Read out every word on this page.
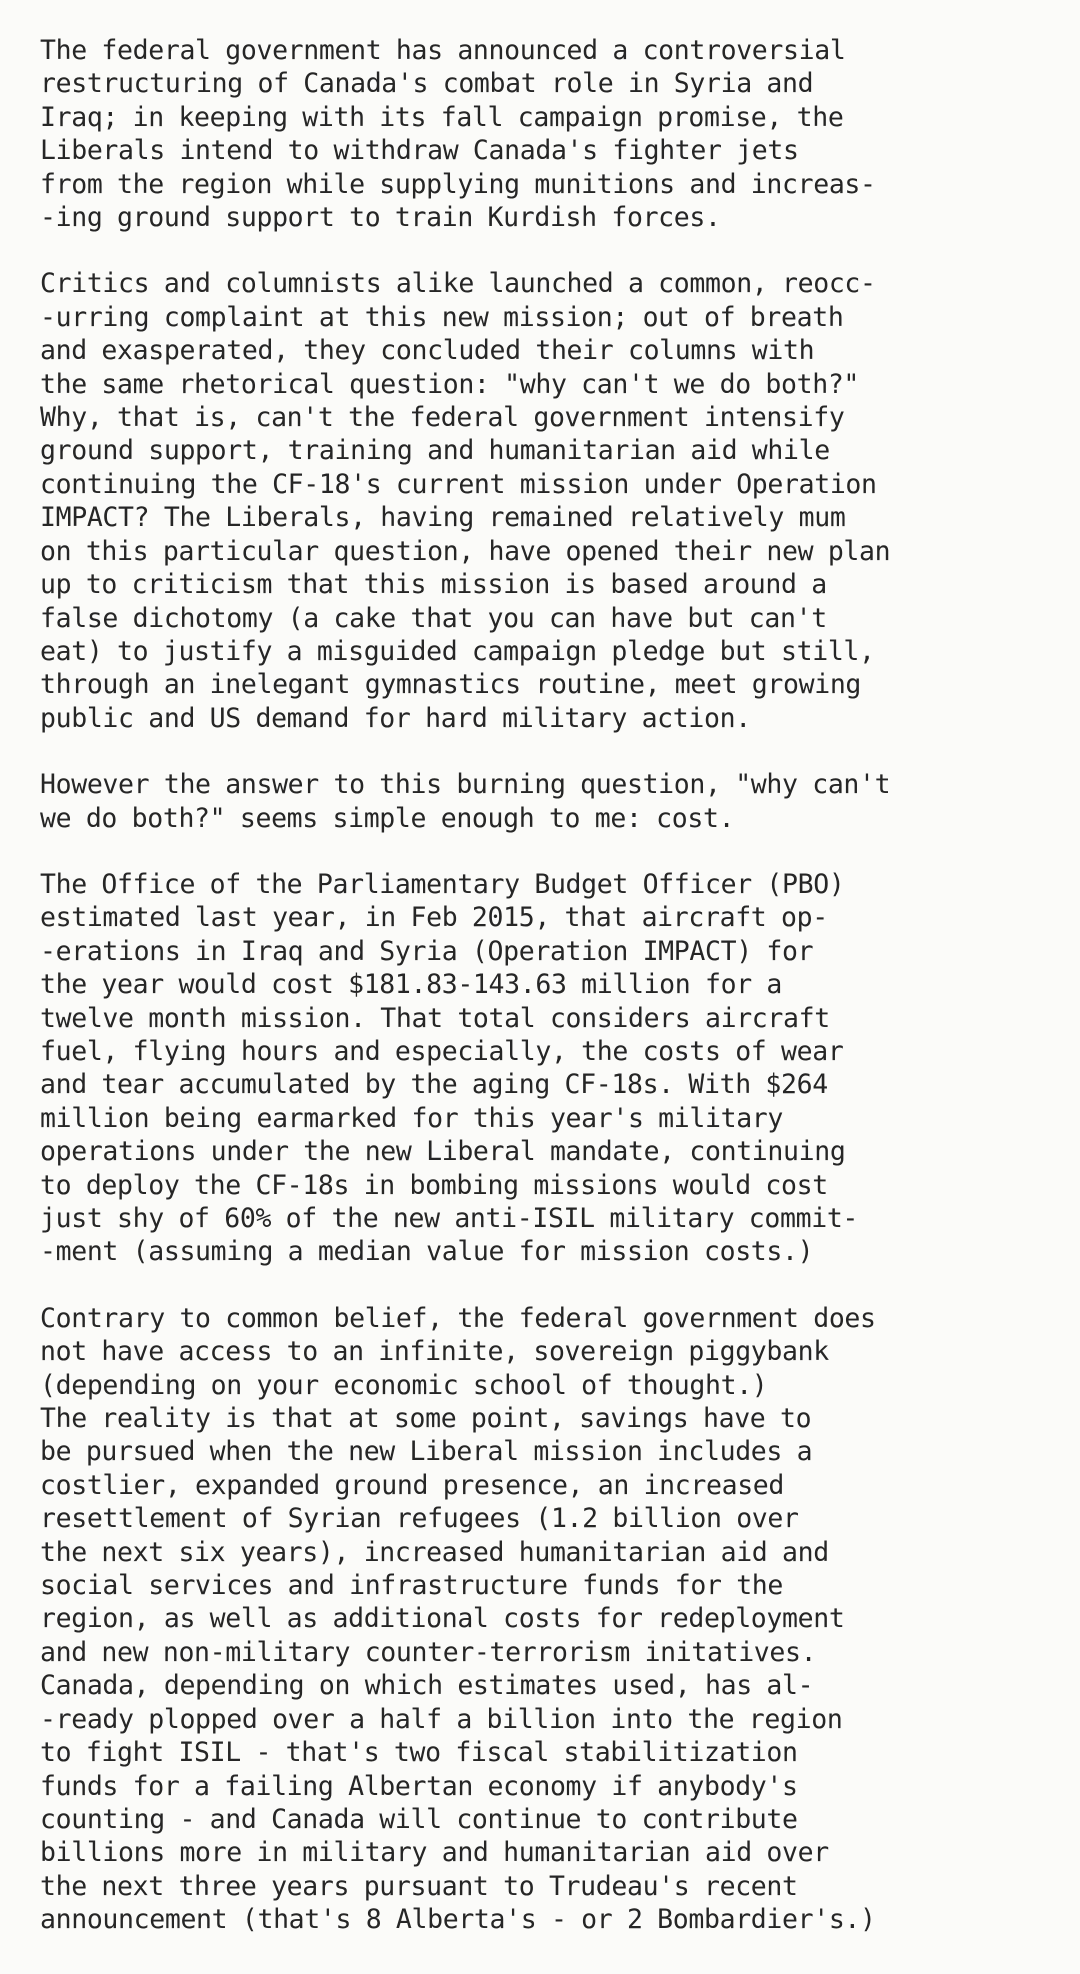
The federal government has announced a controversial
restructuring of Canada's combat role in Syria and
Iraq; in keeping with its fall campaign promise, the
Liberals intend to withdraw Canada's fighter jets
from the region while supplying munitions and increas-
-ing ground support to train Kurdish forces.
Critics and columnists alike launched a common, reocc-
-urring complaint at this new mission; out of breath
and exasperated, they concluded their columns with
the same rhetorical question: "why can't we do both?"
Why, that is, can't the federal government intensify
ground support, training and humanitarian aid while
continuing the CF-18's current mission under Operation
IMPACT? The Liberals, having remained relatively mum
on this particular question, have opened their new plan
up to criticism that this mission is based around a
false dichotomy (a cake that you can have but can't
eat) to justify a misguided campaign pledge but still,
through an inelegant gymnastics routine, meet growing
public and US demand for hard military action.
However the answer to this burning question, "why can't
we do both?" seems simple enough to me: cost.
The Office of the Parliamentary Budget Officer (PBO)
estimated last year, in Feb 2015, that aircraft op-
-erations in Iraq and Syria (Operation IMPACT) for
the year would cost $181.83-143.63 million for a
twelve month mission. That total considers aircraft
fuel, flying hours and especially, the costs of wear
and tear accumulated by the aging CF-18s. With $264
million being earmarked for this year's military
operations under the new Liberal mandate, continuing
to deploy the CF-18s in bombing missions would cost
just shy of 60% of the new anti-ISIL military commit-
-ment (assuming a median value for mission costs.)
Contrary to common belief, the federal government does
not have access to an infinite, sovereign piggybank
(depending on your economic school of thought.)
The reality is that at some point, savings have to
be pursued when the new Liberal mission includes a
costlier, expanded ground presence, an increased
resettlement of Syrian refugees (1.2 billion over
the next six years), increased humanitarian aid and
social services and infrastructure funds for the
region, as well as additional costs for redeployment
and new non-military counter-terrorism initatives.
Canada, depending on which estimates used, has al-
-ready plopped over a half a billion into the region
to fight ISIL - that's two fiscal stabilitization
funds for a failing Albertan economy if anybody's
counting - and Canada will continue to contribute
billions more in military and humanitarian aid over
the next three years pursuant to Trudeau's recent
announcement (that's 8 Alberta's - or 2 Bombardier's.)
